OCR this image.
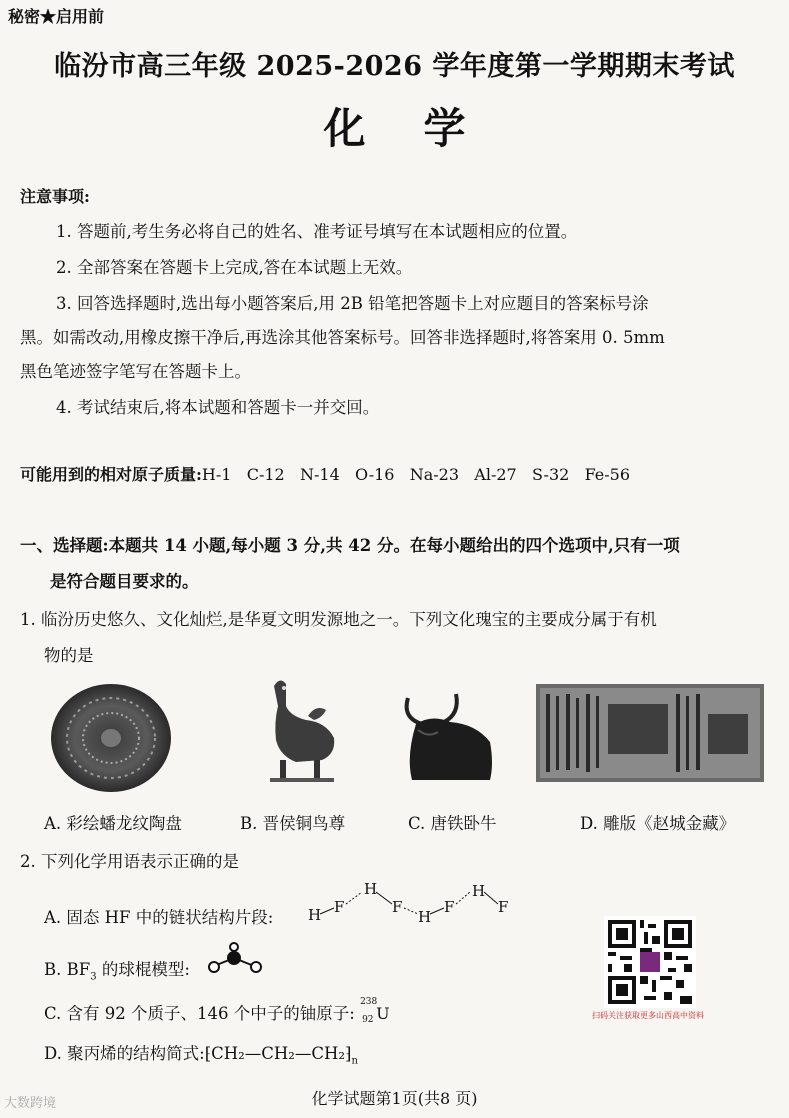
秘密★启用前
临汾市高三年级 2025-2026 学年度第一学期期末考试
化学
注意事项:
1. 答题前,考生务必将自己的姓名、准考证号填写在本试题相应的位置。
2. 全部答案在答题卡上完成,答在本试题上无效。
3. 回答选择题时,选出每小题答案后,用 2B 铅笔把答题卡上对应题目的答案标号涂
黑。如需改动,用橡皮擦干净后,再选涂其他答案标号。回答非选择题时,将答案用 0. 5mm
黑色笔迹签字笔写在答题卡上。
4. 考试结束后,将本试题和答题卡一并交回。
可能用到的相对原子质量:H-1   C-12   N-14   O-16   Na-23   Al-27   S-32   Fe-56
一、选择题:本题共 14 小题,每小题 3 分,共 42 分。在每小题给出的四个选项中,只有一项
是符合题目要求的。
1. 临汾历史悠久、文化灿烂,是华夏文明发源地之一。下列文化瑰宝的主要成分属于有机
物的是
A. 彩绘蟠龙纹陶盘	B. 晋侯铜鸟尊	C. 唐铁卧牛	D. 雕版《赵城金藏》
2. 下列化学用语表示正确的是
A. 固态 HF 中的链状结构片段: H F
H
F
H
F
H
F
B. $BF_3$ 的球棍模型:
C. 含有 92 个质子、146 个中子的铀原子:
238
92 U
D. 聚丙烯的结构简式$:⁅CH_2—CH_2—CH_2⁆_n$
扫码关注获取更多山西高中资料
大数跨境	化学试题第1页(共8 页)
